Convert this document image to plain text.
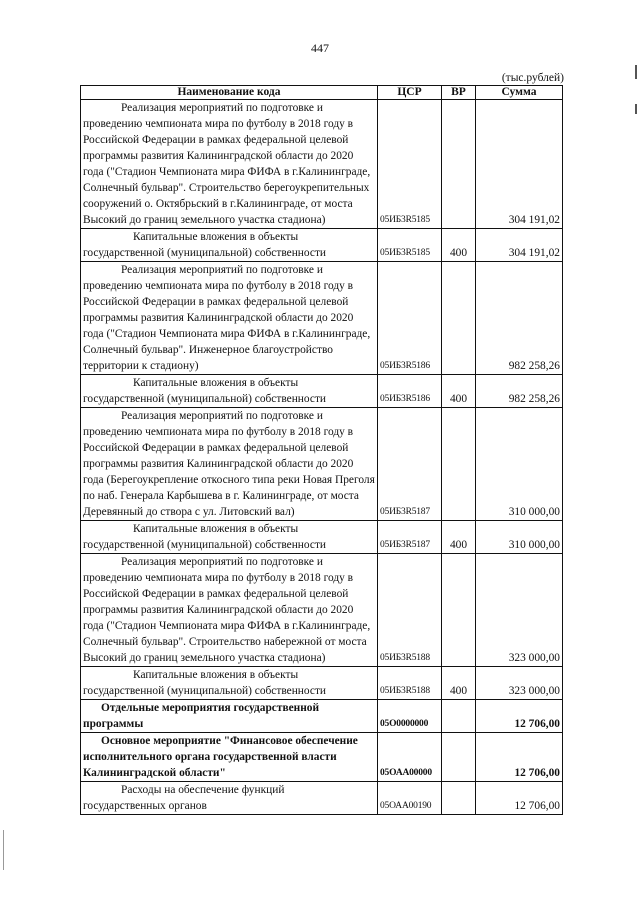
447
(тыс.рублей)
Наименование кода	ЦСР	ВР	Сумма

Реализация мероприятий по подготовке и
проведению чемпионата мира по футболу в 2018 году в Российской Федерации в рамках федеральной целевой программы развития Калининградской области до 2020 года ("Стадион Чемпионата мира ФИФА в г.Калининграде, Солнечный бульвар". Строительство берегоукрепительных сооружений о. Октябрьский в г.Калининграде, от моста Высокий до границ земельного участка стадиона)	05ИБ3R5185		304 191,02

Капитальные вложения в объекты
государственной (муниципальной) собственности	05ИБ3R5185	400	304 191,02

Реализация мероприятий по подготовке и
проведению чемпионата мира по футболу в 2018 году в Российской Федерации в рамках федеральной целевой программы развития Калининградской области до 2020 года ("Стадион Чемпионата мира ФИФА в г.Калининграде, Солнечный бульвар". Инженерное благоустройство территории к стадиону)	05ИБ3R5186		982 258,26

Капитальные вложения в объекты
государственной (муниципальной) собственности	05ИБ3R5186	400	982 258,26

Реализация мероприятий по подготовке и
проведению чемпионата мира по футболу в 2018 году в Российской Федерации в рамках федеральной целевой программы развития Калининградской области до 2020 года (Берегоукрепление откосного типа реки Новая Преголя по наб. Генерала Карбышева в г. Калининграде, от моста Деревянный до створа с ул. Литовский вал)	05ИБ3R5187		310 000,00

Капитальные вложения в объекты
государственной (муниципальной) собственности	05ИБ3R5187	400	310 000,00

Реализация мероприятий по подготовке и
проведению чемпионата мира по футболу в 2018 году в Российской Федерации в рамках федеральной целевой программы развития Калининградской области до 2020 года ("Стадион Чемпионата мира ФИФА в г.Калининграде, Солнечный бульвар". Строительство набережной от моста Высокий до границ земельного участка стадиона)	05ИБ3R5188		323 000,00

Капитальные вложения в объекты
государственной (муниципальной) собственности	05ИБ3R5188	400	323 000,00

Отдельные мероприятия государственной
программы	05О0000000		12 706,00

Основное мероприятие "Финансовое обеспечение
исполнительного органа государственной власти Калининградской области"	05ОАА00000		12 706,00

Расходы на обеспечение функций
государственных органов	05ОАА00190		12 706,00
